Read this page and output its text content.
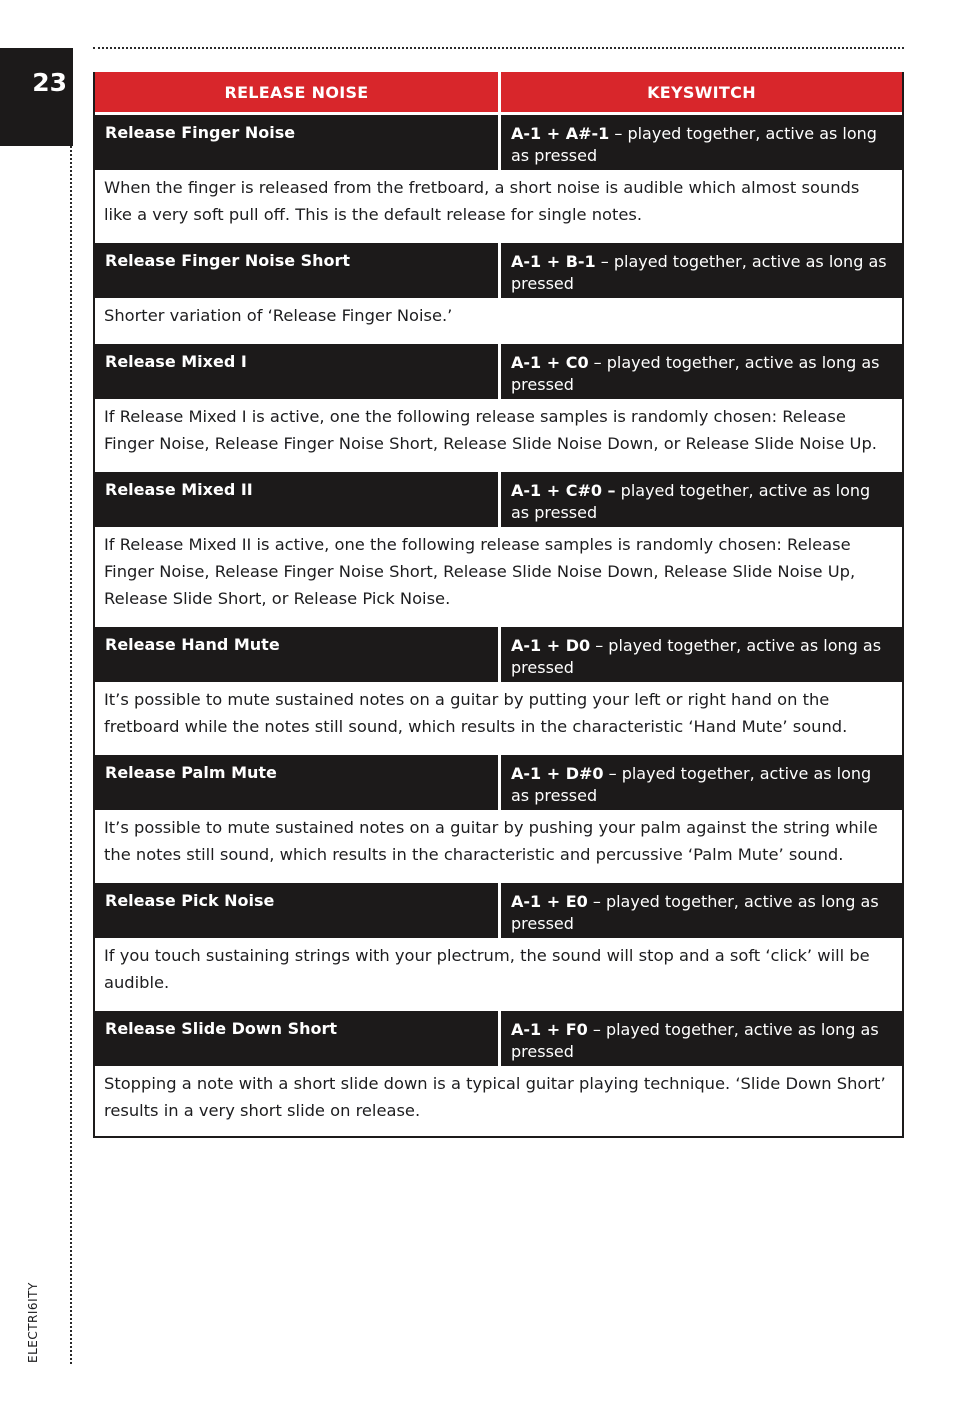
23
ELECTRI6ITY
RELEASE NOISE	KEYSWITCH
Release Finger Noise	A-1 + A#-1 – played together, active as long as pressed
When the finger is released from the fretboard, a short noise is audible which almost sounds like a very soft pull off. This is the default release for single notes.
Release Finger Noise Short	A-1 + B-1 – played together, active as long as pressed
Shorter variation of ‘Release Finger Noise.’
Release Mixed I	A-1 + C0 – played together, active as long as pressed
If Release Mixed I is active, one the following release samples is randomly chosen: Release Finger Noise, Release Finger Noise Short, Release Slide Noise Down, or Release Slide Noise Up.
Release Mixed II	A-1 + C#0 – played together, active as long as pressed
If Release Mixed II is active, one the following release samples is randomly chosen: Release Finger Noise, Release Finger Noise Short, Release Slide Noise Down, Release Slide Noise Up, Release Slide Short, or Release Pick Noise.
Release Hand Mute	A-1 + D0 – played together, active as long as pressed
It’s possible to mute sustained notes on a guitar by putting your left or right hand on the fretboard while the notes still sound, which results in the characteristic ‘Hand Mute’ sound.
Release Palm Mute	A-1 + D#0 – played together, active as long as pressed
It’s possible to mute sustained notes on a guitar by pushing your palm against the string while the notes still sound, which results in the characteristic and percussive ‘Palm Mute’ sound.
Release Pick Noise	A-1 + E0 – played together, active as long as pressed
If you touch sustaining strings with your plectrum, the sound will stop and a soft ‘click’ will be audible.
Release Slide Down Short	A-1 + F0 – played together, active as long as pressed
Stopping a note with a short slide down is a typical guitar playing technique. ‘Slide Down Short’ results in a very short slide on release.
